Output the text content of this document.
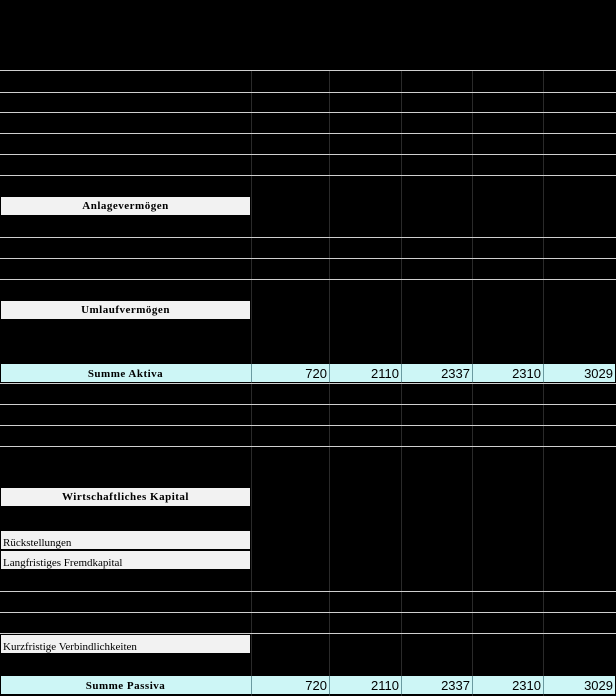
Anlagevermögen
Umlaufvermögen
Summe Aktiva	720	2110	2337	2310	3029
Wirtschaftliches Kapital
Rückstellungen
Langfristiges Fremdkapital
Kurzfristige Verbindlichkeiten
Summe Passiva	720	2110	2337	2310	3029
